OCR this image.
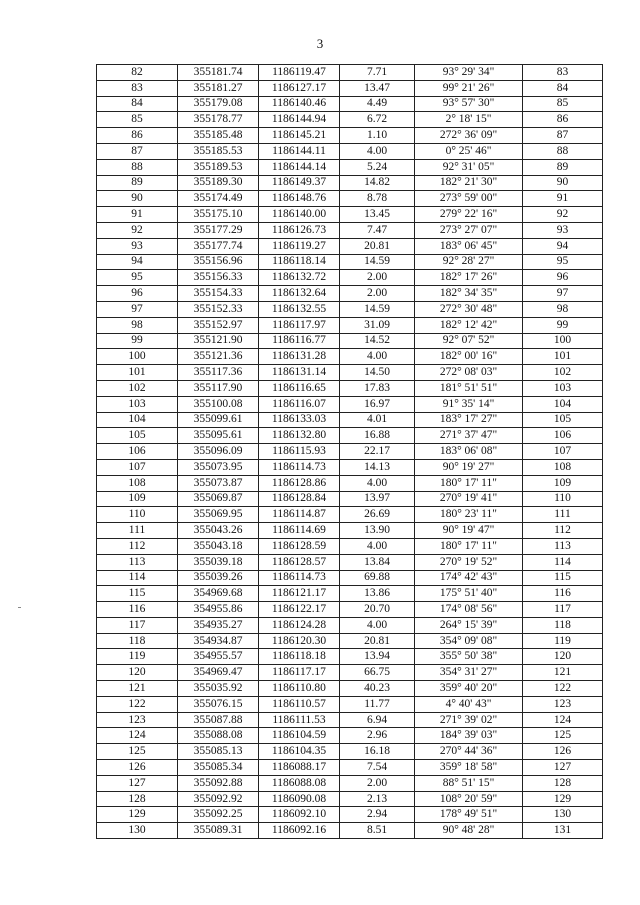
3
82	355181.74	1186119.47	7.71	93° 29' 34"	83
83	355181.27	1186127.17	13.47	99° 21' 26"	84
84	355179.08	1186140.46	4.49	93° 57' 30"	85
85	355178.77	1186144.94	6.72	2° 18' 15"	86
86	355185.48	1186145.21	1.10	272° 36' 09"	87
87	355185.53	1186144.11	4.00	0° 25' 46"	88
88	355189.53	1186144.14	5.24	92° 31' 05"	89
89	355189.30	1186149.37	14.82	182° 21' 30"	90
90	355174.49	1186148.76	8.78	273° 59' 00"	91
91	355175.10	1186140.00	13.45	279° 22' 16"	92
92	355177.29	1186126.73	7.47	273° 27' 07"	93
93	355177.74	1186119.27	20.81	183° 06' 45"	94
94	355156.96	1186118.14	14.59	92° 28' 27"	95
95	355156.33	1186132.72	2.00	182° 17' 26"	96
96	355154.33	1186132.64	2.00	182° 34' 35"	97
97	355152.33	1186132.55	14.59	272° 30' 48"	98
98	355152.97	1186117.97	31.09	182° 12' 42"	99
99	355121.90	1186116.77	14.52	92° 07' 52"	100
100	355121.36	1186131.28	4.00	182° 00' 16"	101
101	355117.36	1186131.14	14.50	272° 08' 03"	102
102	355117.90	1186116.65	17.83	181° 51' 51"	103
103	355100.08	1186116.07	16.97	91° 35' 14"	104
104	355099.61	1186133.03	4.01	183° 17' 27"	105
105	355095.61	1186132.80	16.88	271° 37' 47"	106
106	355096.09	1186115.93	22.17	183° 06' 08"	107
107	355073.95	1186114.73	14.13	90° 19' 27"	108
108	355073.87	1186128.86	4.00	180° 17' 11"	109
109	355069.87	1186128.84	13.97	270° 19' 41"	110
110	355069.95	1186114.87	26.69	180° 23' 11"	111
111	355043.26	1186114.69	13.90	90° 19' 47"	112
112	355043.18	1186128.59	4.00	180° 17' 11"	113
113	355039.18	1186128.57	13.84	270° 19' 52"	114
114	355039.26	1186114.73	69.88	174° 42' 43"	115
115	354969.68	1186121.17	13.86	175° 51' 40"	116
116	354955.86	1186122.17	20.70	174° 08' 56"	117
117	354935.27	1186124.28	4.00	264° 15' 39"	118
118	354934.87	1186120.30	20.81	354° 09' 08"	119
119	354955.57	1186118.18	13.94	355° 50' 38"	120
120	354969.47	1186117.17	66.75	354° 31' 27"	121
121	355035.92	1186110.80	40.23	359° 40' 20"	122
122	355076.15	1186110.57	11.77	4° 40' 43"	123
123	355087.88	1186111.53	6.94	271° 39' 02"	124
124	355088.08	1186104.59	2.96	184° 39' 03"	125
125	355085.13	1186104.35	16.18	270° 44' 36"	126
126	355085.34	1186088.17	7.54	359° 18' 58"	127
127	355092.88	1186088.08	2.00	88° 51' 15"	128
128	355092.92	1186090.08	2.13	108° 20' 59"	129
129	355092.25	1186092.10	2.94	178° 49' 51"	130
130	355089.31	1186092.16	8.51	90° 48' 28"	131
